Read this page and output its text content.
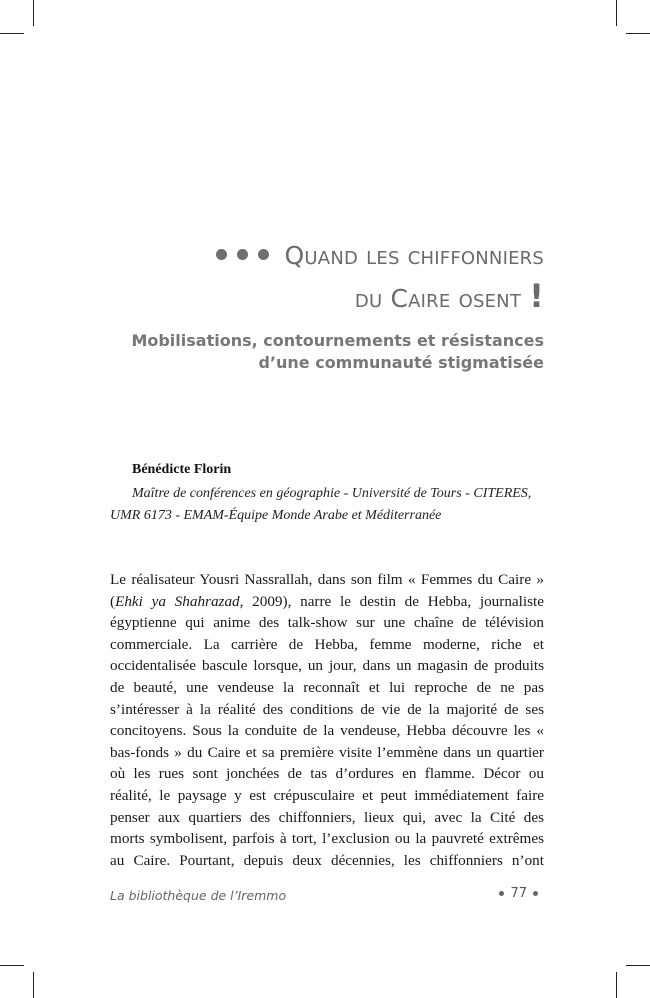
Quand les chiffonniers
du Caire osent !
Mobilisations, contournements et résistances
d’une communauté stigmatisée
Bénédicte Florin
Maître de conférences en géographie - Université de Tours - CITERES,
UMR 6173 - EMAM-Équipe Monde Arabe et Méditerranée
Le réalisateur Yousri Nassrallah, dans son film « Femmes du Caire »
(Ehki ya Shahrazad, 2009), narre le destin de Hebba, journaliste
égyptienne qui anime des talk-show sur une chaîne de télévision
commerciale. La carrière de Hebba, femme moderne, riche et
occidentalisée bascule lorsque, un jour, dans un magasin de produits
de beauté, une vendeuse la reconnaît et lui reproche de ne pas
s’intéresser à la réalité des conditions de vie de la majorité de ses
concitoyens. Sous la conduite de la vendeuse, Hebba découvre les «
bas-fonds » du Caire et sa première visite l’emmène dans un quartier
où les rues sont jonchées de tas d’ordures en flamme. Décor ou
réalité, le paysage y est crépusculaire et peut immédiatement faire
penser aux quartiers des chiffonniers, lieux qui, avec la Cité des
morts symbolisent, parfois à tort, l’exclusion ou la pauvreté extrêmes
au Caire. Pourtant, depuis deux décennies, les chiffonniers n’ont
La bibliothèque de l’Iremmo	77
